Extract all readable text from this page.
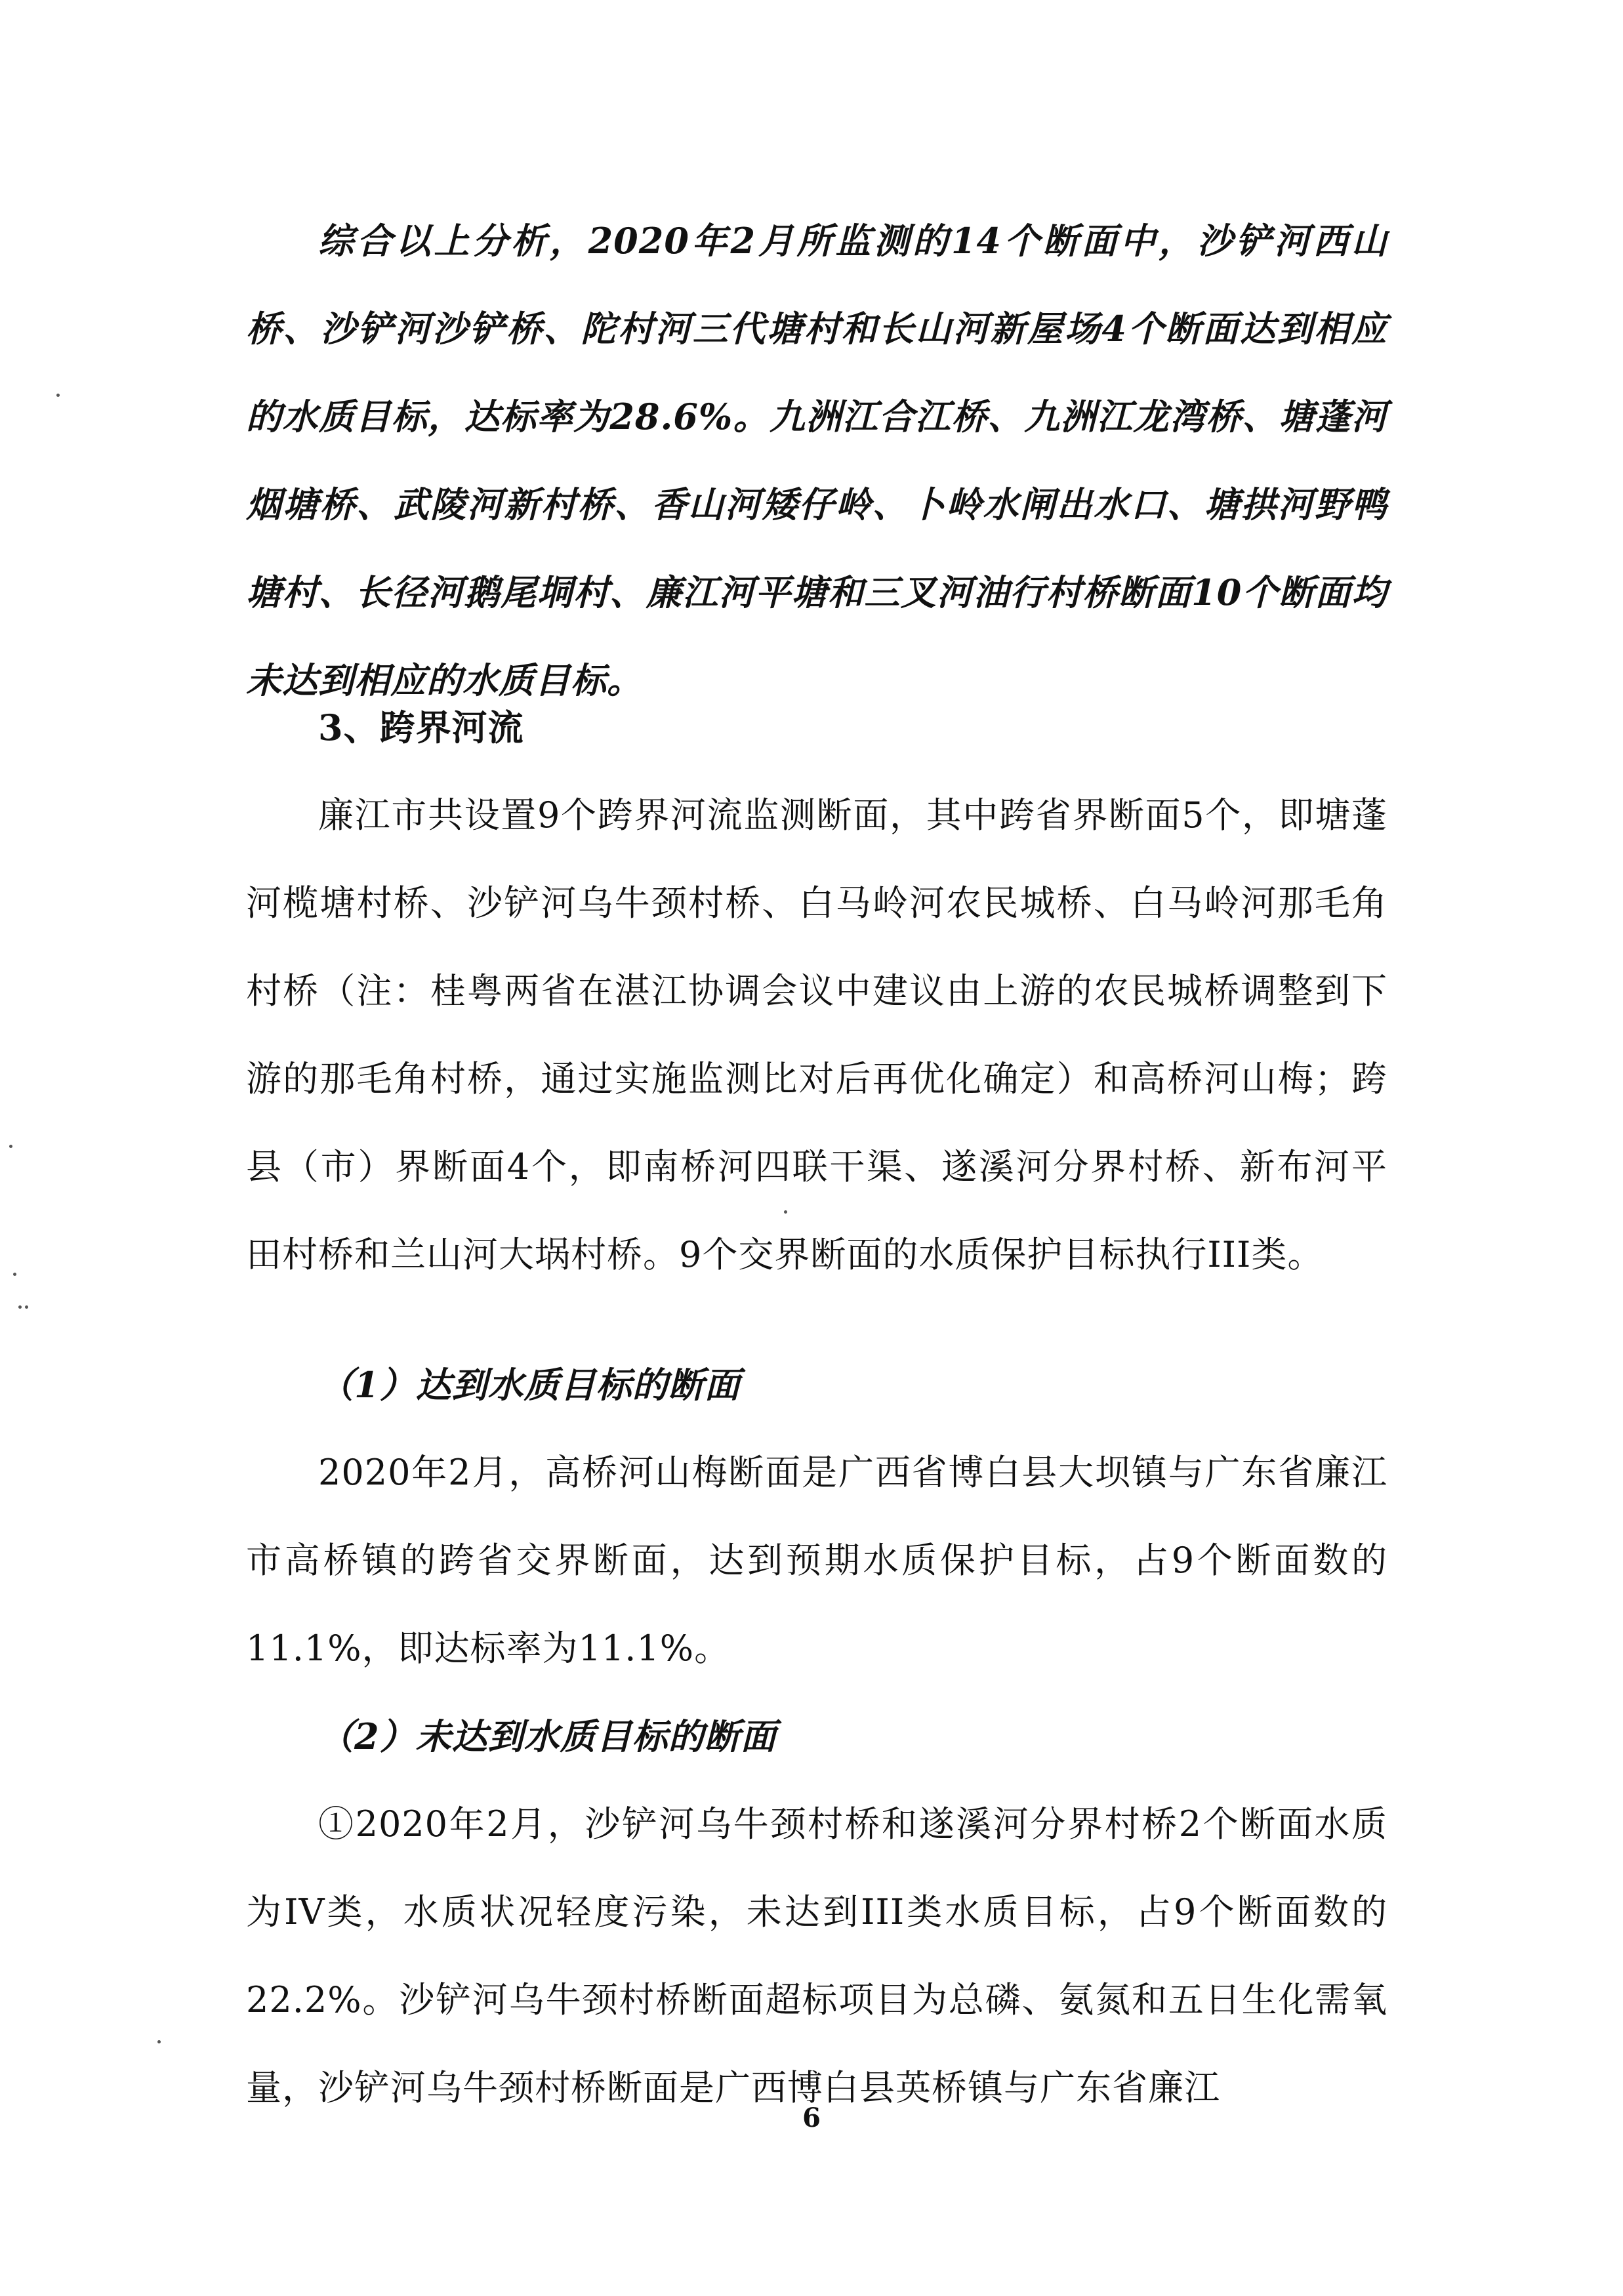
综合以上分析，2020年2月所监测的14个断面中，沙铲河西山桥、沙铲河沙铲桥、陀村河三代塘村和长山河新屋场4个断面达到相应的水质目标，达标率为28.6%。九洲江合江桥、九洲江龙湾桥、塘蓬河烟塘桥、武陵河新村桥、香山河矮仔岭、卜岭水闸出水口、塘拱河野鸭塘村、长径河鹅尾垌村、廉江河平塘和三叉河油行村桥断面10个断面均未达到相应的水质目标。

3、跨界河流

廉江市共设置9个跨界河流监测断面，其中跨省界断面5个，即塘蓬河榄塘村桥、沙铲河乌牛颈村桥、白马岭河农民城桥、白马岭河那毛角村桥（注：桂粤两省在湛江协调会议中建议由上游的农民城桥调整到下游的那毛角村桥，通过实施监测比对后再优化确定）和高桥河山梅；跨县（市）界断面4个，即南桥河四联干渠、遂溪河分界村桥、新布河平田村桥和兰山河大埚村桥。9个交界断面的水质保护目标执行III类。

（1）达到水质目标的断面

2020年2月，高桥河山梅断面是广西省博白县大坝镇与广东省廉江市高桥镇的跨省交界断面，达到预期水质保护目标，占9个断面数的11.1%，即达标率为11.1%。

（2）未达到水质目标的断面

①2020年2月，沙铲河乌牛颈村桥和遂溪河分界村桥2个断面水质为IV类，水质状况轻度污染，未达到III类水质目标，占9个断面数的22.2%。沙铲河乌牛颈村桥断面超标项目为总磷、氨氮和五日生化需氧量，沙铲河乌牛颈村桥断面是广西博白县英桥镇与广东省廉江

6
